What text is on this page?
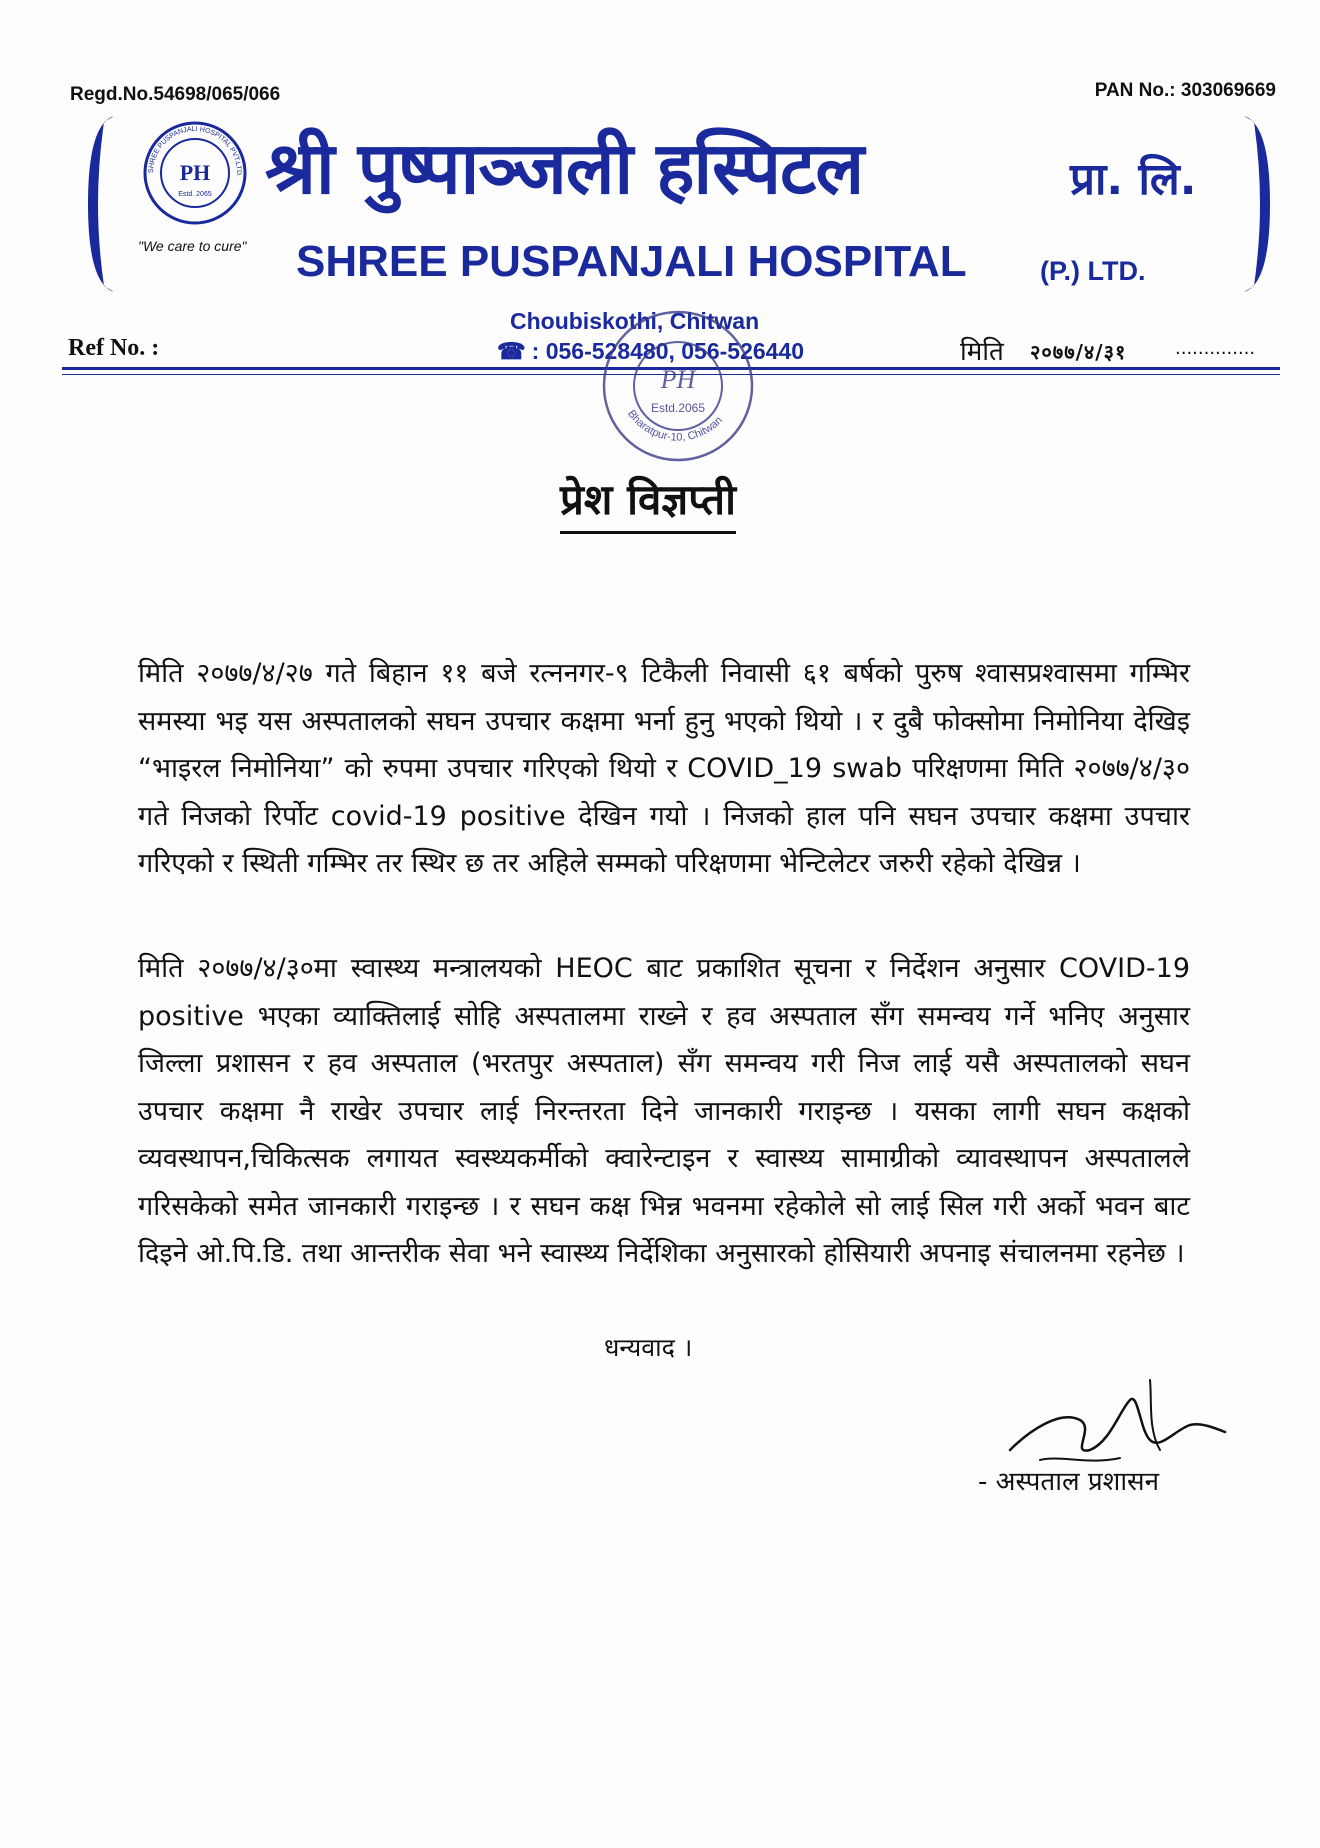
Regd.No.54698/065/066	PAN No.: 303069669
SHREE PUSPANJALI HOSPITAL PVT.LTD.
PH
Estd. 2065
"We care to cure"
श्री पुष्पाञ्जली हस्पिटल	प्रा. लि.
SHREE PUSPANJALI HOSPITAL	(P.) LTD.
Choubiskothi, Chitwan
☎ : 056-528480, 056-526440
Ref No. :	मिति २०७७/४/३१	..............
PH
Estd.2065
Bharatpur-10, Chitwan
प्रेश विज्ञप्ती

मिति २०७७/४/२७ गते बिहान ११ बजे रत्ननगर-९ टिकैली निवासी ६१ बर्षको पुरुष श्वासप्रश्वासमा गम्भिर समस्या भइ यस अस्पतालको सघन उपचार कक्षमा भर्ना हुनु भएको थियो । र दुबै फोक्सोमा निमोनिया देखिइ “भाइरल निमोनिया” को रुपमा उपचार गरिएको थियो र COVID_19 swab परिक्षणमा मिति २०७७/४/३० गते निजको रिर्पोट covid-19 positive देखिन गयो । निजको हाल पनि सघन उपचार कक्षमा उपचार गरिएको र स्थिती गम्भिर तर स्थिर छ तर अहिले सम्मको परिक्षणमा भेन्टिलेटर जरुरी रहेको देखिन्न ।

मिति २०७७/४/३०मा स्वास्थ्य मन्त्रालयको HEOC बाट प्रकाशित सूचना र निर्देशन अनुसार COVID-19 positive भएका व्याक्तिलाई सोहि अस्पतालमा राख्ने र हव अस्पताल सँग समन्वय गर्ने भनिए अनुसार जिल्ला प्रशासन र हव अस्पताल (भरतपुर अस्पताल) सँग समन्वय गरी निज लाई यसै अस्पतालको सघन उपचार कक्षमा नै राखेर उपचार लाई निरन्तरता दिने जानकारी गराइन्छ । यसका लागी सघन कक्षको व्यवस्थापन,चिकित्सक लगायत स्वस्थ्यकर्मीको क्वारेन्टाइन र स्वास्थ्य सामाग्रीको व्यावस्थापन अस्पतालले गरिसकेको समेत जानकारी गराइन्छ । र सघन कक्ष भिन्न भवनमा रहेकोले सो लाई सिल गरी अर्को भवन बाट दिइने ओ.पि.डि. तथा आन्तरीक सेवा भने स्वास्थ्य निर्देशिका अनुसारको होसियारी अपनाइ संचालनमा रहनेछ ।

धन्यवाद ।
- अस्पताल प्रशासन
